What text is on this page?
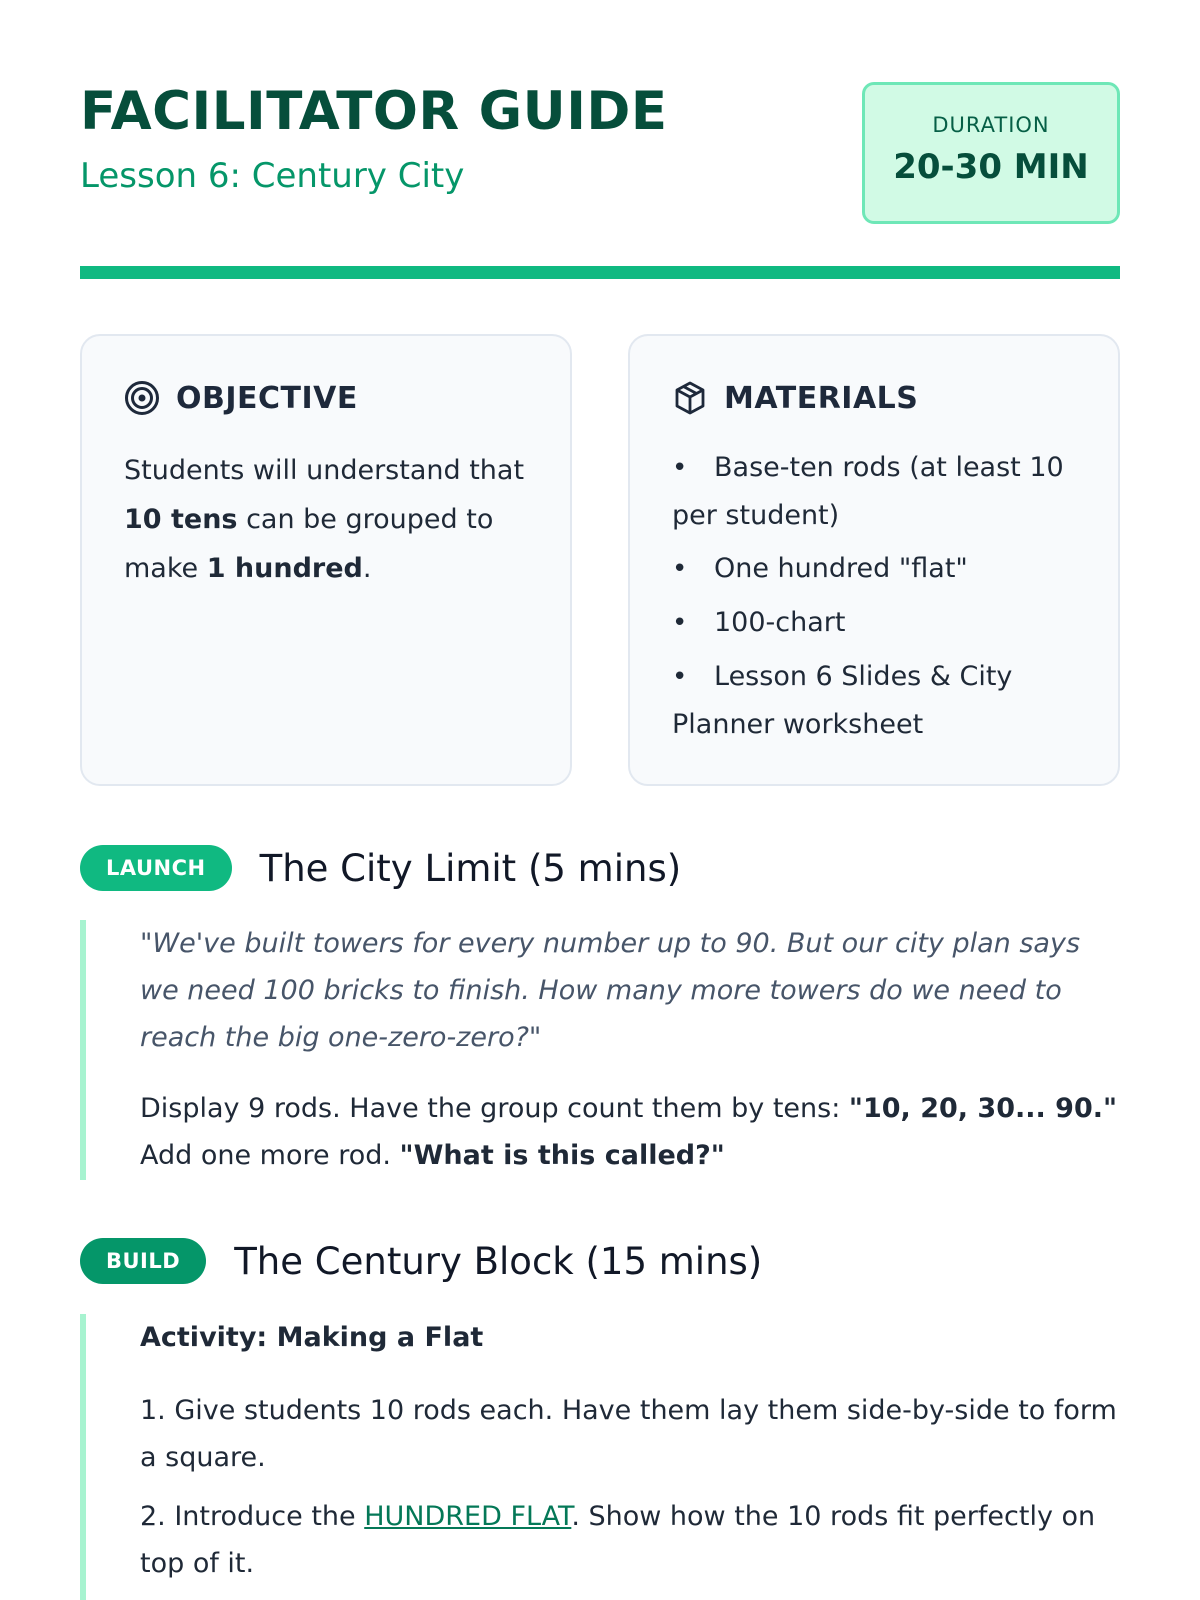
FACILITATOR GUIDE
Lesson 6: Century City
DURATION
20-30 MIN
OBJECTIVE
Students will understand that 10 tens can be grouped to make 1 hundred.
MATERIALS
• Base-ten rods (at least 10 per student)
• One hundred "flat"
• 100-chart
• Lesson 6 Slides & City Planner worksheet
LAUNCH	The City Limit (5 mins)

"We've built towers for every number up to 90. But our city plan says we need 100 bricks to finish. How many more towers do we need to reach the big one-zero-zero?"

Display 9 rods. Have the group count them by tens: "10, 20, 30... 90." Add one more rod. "What is this called?"

BUILD	The Century Block (15 mins)

Activity: Making a Flat

1. Give students 10 rods each. Have them lay them side-by-side to form a square.

2. Introduce the HUNDRED FLAT. Show how the 10 rods fit perfectly on top of it.
